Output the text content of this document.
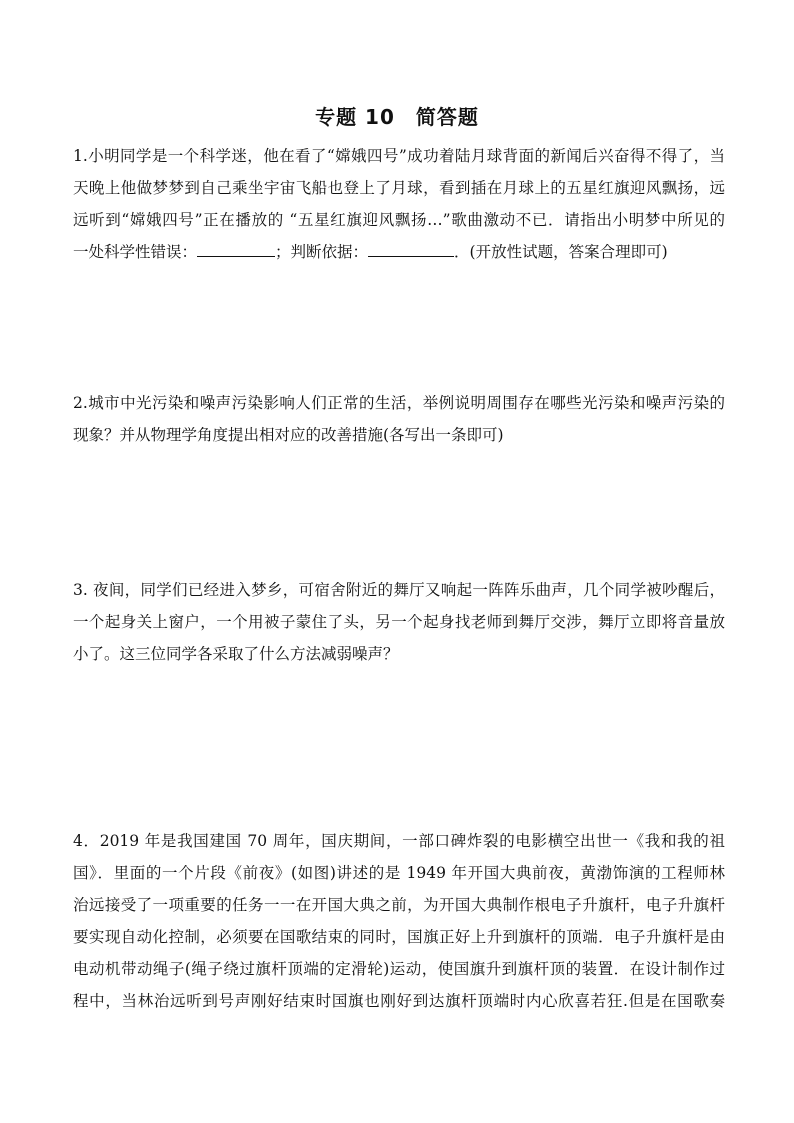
专题 10　简答题
1.小明同学是一个科学迷，他在看了“嫦娥四号”成功着陆月球背面的新闻后兴奋得不得了，当
天晚上他做梦梦到自己乘坐宇宙飞船也登上了月球，看到插在月球上的五星红旗迎风飘扬，远
远听到“嫦娥四号”正在播放的 “五星红旗迎风飘扬…”歌曲激动不已．请指出小明梦中所见的
一处科学性错误：	；判断依据：	．(开放性试题，答案合理即可)
2.城市中光污染和噪声污染影响人们正常的生活，举例说明周围存在哪些光污染和噪声污染的
现象？并从物理学角度提出相对应的改善措施(各写出一条即可)
3. 夜间，同学们已经进入梦乡，可宿舍附近的舞厅又响起一阵阵乐曲声，几个同学被吵醒后，
一个起身关上窗户，一个用被子蒙住了头，另一个起身找老师到舞厅交涉，舞厅立即将音量放
小了。这三位同学各采取了什么方法减弱噪声？
4．2019 年是我国建国 70 周年，国庆期间，一部口碑炸裂的电影横空出世一《我和我的祖
国》．里面的一个片段《前夜》(如图)讲述的是 1949 年开国大典前夜，黄渤饰演的工程师林
治远接受了一项重要的任务一一在开国大典之前，为开国大典制作根电子升旗杆，电子升旗杆
要实现自动化控制，必须要在国歌结束的同时，国旗正好上升到旗杆的顶端．电子升旗杆是由
电动机带动绳子(绳子绕过旗杆顶端的定滑轮)运动，使国旗升到旗杆顶的装置．在设计制作过
程中，当林治远听到号声刚好结束时国旗也刚好到达旗杆顶端时内心欣喜若狂.但是在国歌奏
